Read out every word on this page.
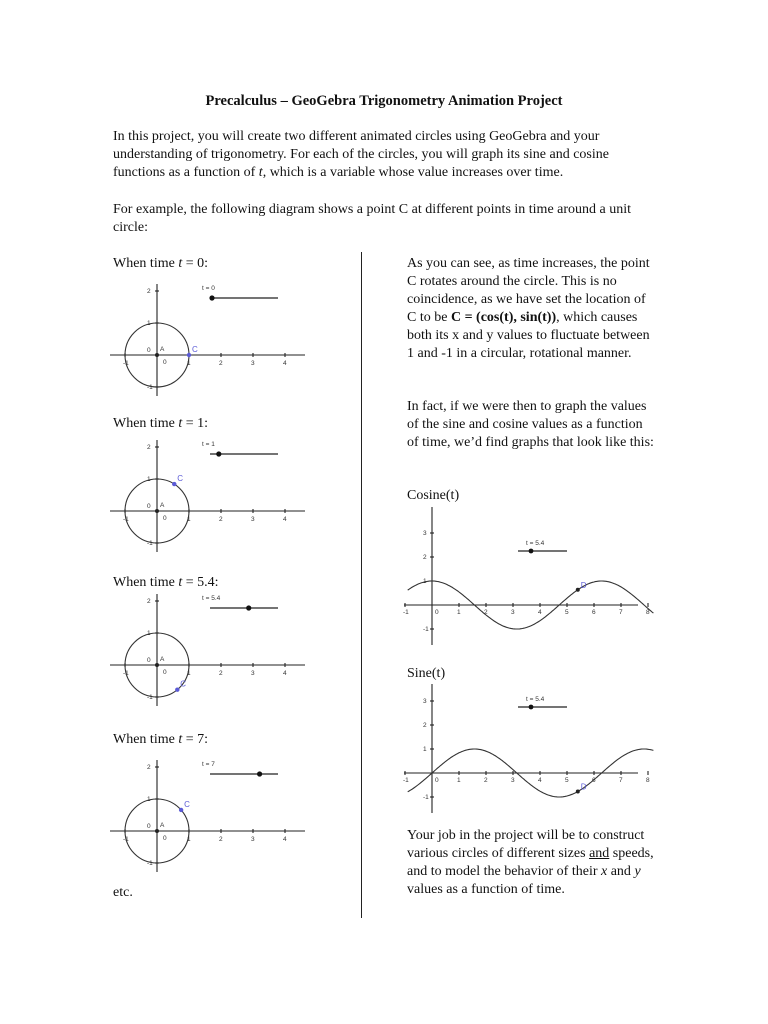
Precalculus – GeoGebra Trigonometry Animation Project
In this project, you will create two different animated circles using GeoGebra and your understanding of trigonometry. For each of the circles, you will graph its sine and cosine functions as a function of t, which is a variable whose value increases over time.
For example, the following diagram shows a point C at different points in time around a unit circle:
When time t = 0:
When time t = 1:
When time t = 5.4:
When time t = 7:
etc.
-1	1	2	3	4
2
1
-1
0
0
A	C
t = 0
-1	1	2	3	4
2
1
-1
0
0
A
C
t = 1
-1	1	2	3	4
2
1
-1
0
0
A
C
t = 5.4
-1	1	2	3	4
2
1
-1
0
0
A
C
t = 7
As you can see, as time increases, the point C rotates around the circle. This is no coincidence, as we have set the location of C to be C = (cos(t), sin(t)), which causes both its x and y values to fluctuate between 1 and -1 in a circular, rotational manner.
In fact, if we were then to graph the values of the sine and cosine values as a function of time, we’d find graphs that look like this:
Cosine(t)
-1	1	2	3	4	5	6	7	8
3
2
1
-1
0
D
t = 5.4
Sine(t)
-1	1	2	3	4	5	6	7	8
3
2
1
-1
0
D
t = 5.4
Your job in the project will be to construct various circles of different sizes and speeds, and to model the behavior of their x and y values as a function of time.
